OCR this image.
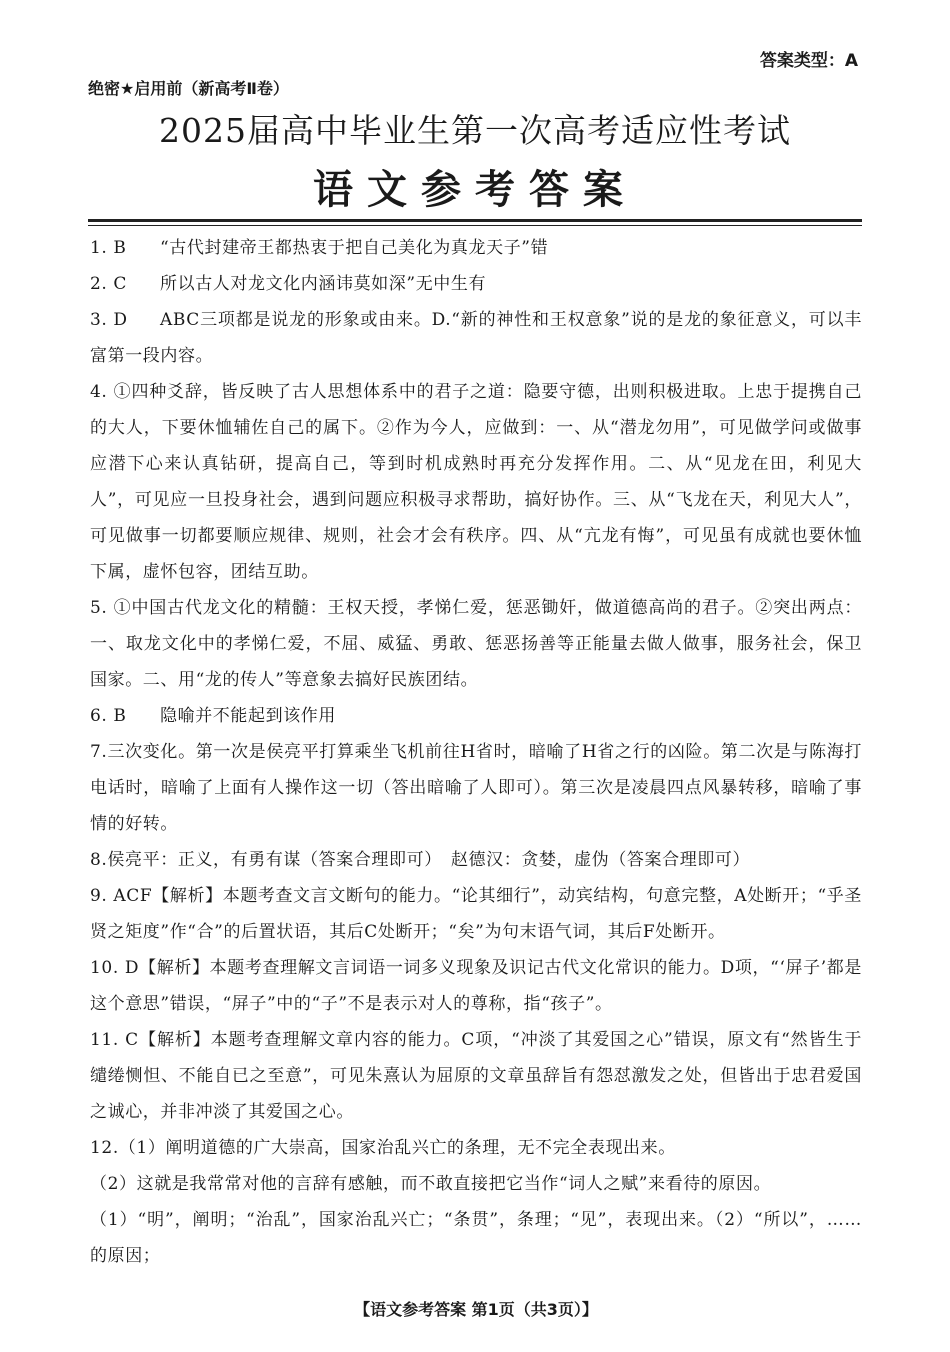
答案类型：A
绝密★启用前（新高考Ⅱ卷）
2025届高中毕业生第一次高考适应性考试
语文参考答案

1. B “古代封建帝王都热衷于把自己美化为真龙天子”错

2. C 所以古人对龙文化内涵讳莫如深”无中生有

3. D ABC三项都是说龙的形象或由来。D.“新的神性和王权意象”说的是龙的象征意义，可以丰富第一段内容。

4. ①四种爻辞，皆反映了古人思想体系中的君子之道：隐要守德，出则积极进取。上忠于提携自己的大人，下要休恤辅佐自己的属下。②作为今人，应做到：一、从“潜龙勿用”，可见做学问或做事应潜下心来认真钻研，提高自己，等到时机成熟时再充分发挥作用。二、从“见龙在田，利见大人”，可见应一旦投身社会，遇到问题应积极寻求帮助，搞好协作。三、从“飞龙在天，利见大人”，可见做事一切都要顺应规律、规则，社会才会有秩序。四、从“亢龙有悔”，可见虽有成就也要休恤下属，虚怀包容，团结互助。

5. ①中国古代龙文化的精髓：王权天授，孝悌仁爱，惩恶锄奸，做道德高尚的君子。②突出两点：一、取龙文化中的孝悌仁爱，不屈、威猛、勇敢、惩恶扬善等正能量去做人做事，服务社会，保卫国家。二、用“龙的传人”等意象去搞好民族团结。

6. B 隐喻并不能起到该作用

7.三次变化。第一次是侯亮平打算乘坐飞机前往H省时，暗喻了H省之行的凶险。第二次是与陈海打电话时，暗喻了上面有人操作这一切（答出暗喻了人即可）。第三次是凌晨四点风暴转移，暗喻了事情的好转。

8.侯亮平：正义，有勇有谋（答案合理即可）　赵德汉：贪婪，虚伪（答案合理即可）

9. ACF【解析】本题考查文言文断句的能力。“论其细行”，动宾结构，句意完整，A处断开；“乎圣贤之矩度”作“合”的后置状语，其后C处断开；“矣”为句末语气词，其后F处断开。

10. D【解析】本题考查理解文言词语一词多义现象及识记古代文化常识的能力。D项，“‘屏子’都是这个意思”错误，“屏子”中的“子”不是表示对人的尊称，指“孩子”。

11. C【解析】本题考查理解文章内容的能力。C项，“冲淡了其爱国之心”错误，原文有“然皆生于缱绻恻怛、不能自已之至意”，可见朱熹认为屈原的文章虽辞旨有怨怼激发之处，但皆出于忠君爱国之诚心，并非冲淡了其爱国之心。

12.（1）阐明道德的广大崇高，国家治乱兴亡的条理，无不完全表现出来。

（2）这就是我常常对他的言辞有感触，而不敢直接把它当作“词人之赋”来看待的原因。

（1）“明”，阐明；“治乱”，国家治乱兴亡；“条贯”，条理；“见”，表现出来。（2）“所以”，……的原因；

【语文参考答案 第1页（共3页）】
